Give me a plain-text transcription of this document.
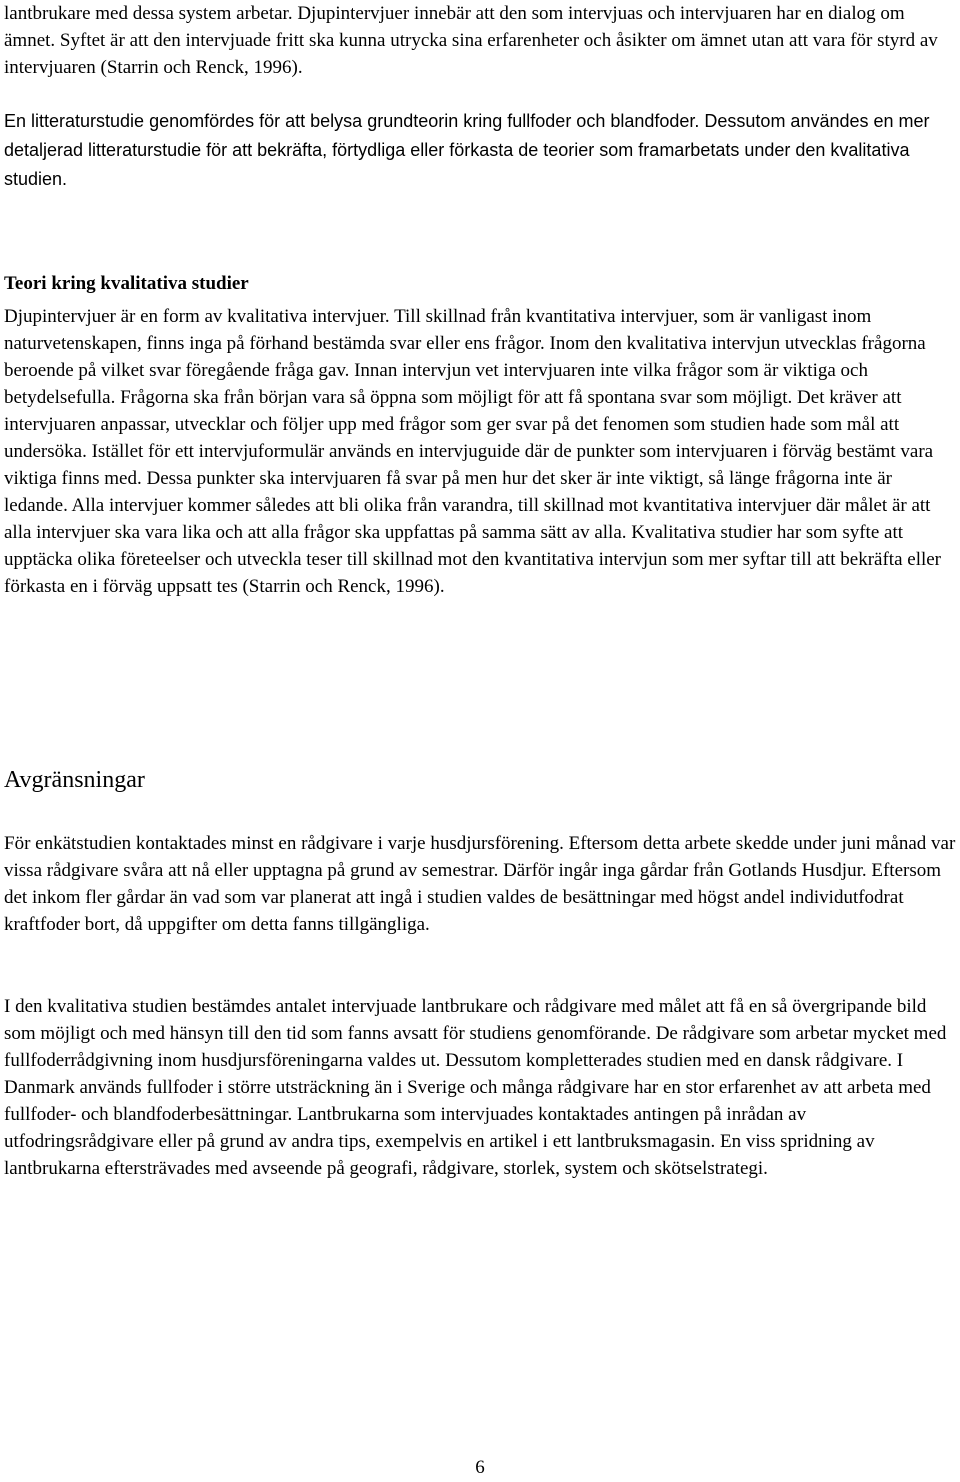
lantbrukare med dessa system arbetar. Djupintervjuer innebär att den som intervjuas och intervjuaren har en dialog om ämnet. Syftet är att den intervjuade fritt ska kunna utrycka sina erfarenheter och åsikter om ämnet utan att vara för styrd av intervjuaren (Starrin och Renck, 1996).

En litteraturstudie genomfördes för att belysa grundteorin kring fullfoder och blandfoder. Dessutom användes en mer detaljerad litteraturstudie för att bekräfta, förtydliga eller förkasta de teorier som framarbetats under den kvalitativa studien.

Teori kring kvalitativa studier

Djupintervjuer är en form av kvalitativa intervjuer. Till skillnad från kvantitativa intervjuer, som är vanligast inom naturvetenskapen, finns inga på förhand bestämda svar eller ens frågor. Inom den kvalitativa intervjun utvecklas frågorna beroende på vilket svar föregående fråga gav. Innan intervjun vet intervjuaren inte vilka frågor som är viktiga och betydelsefulla. Frågorna ska från början vara så öppna som möjligt för att få spontana svar som möjligt. Det kräver att intervjuaren anpassar, utvecklar och följer upp med frågor som ger svar på det fenomen som studien hade som mål att undersöka. Istället för ett intervjuformulär används en intervjuguide där de punkter som intervjuaren i förväg bestämt vara viktiga finns med. Dessa punkter ska intervjuaren få svar på men hur det sker är inte viktigt, så länge frågorna inte är ledande. Alla intervjuer kommer således att bli olika från varandra, till skillnad mot kvantitativa intervjuer där målet är att alla intervjuer ska vara lika och att alla frågor ska uppfattas på samma sätt av alla. Kvalitativa studier har som syfte att upptäcka olika företeelser och utveckla teser till skillnad mot den kvantitativa intervjun som mer syftar till att bekräfta eller förkasta en i förväg uppsatt tes (Starrin och Renck, 1996).

Avgränsningar

För enkätstudien kontaktades minst en rådgivare i varje husdjursförening. Eftersom detta arbete skedde under juni månad var vissa rådgivare svåra att nå eller upptagna på grund av semestrar. Därför ingår inga gårdar från Gotlands Husdjur. Eftersom det inkom fler gårdar än vad som var planerat att ingå i studien valdes de besättningar med högst andel individutfodrat kraftfoder bort, då uppgifter om detta fanns tillgängliga.

I den kvalitativa studien bestämdes antalet intervjuade lantbrukare och rådgivare med målet att få en så övergripande bild som möjligt och med hänsyn till den tid som fanns avsatt för studiens genomförande. De rådgivare som arbetar mycket med fullfoderrådgivning inom husdjursföreningarna valdes ut. Dessutom kompletterades studien med en dansk rådgivare. I Danmark används fullfoder i större utsträckning än i Sverige och många rådgivare har en stor erfarenhet av att arbeta med fullfoder- och blandfoderbesättningar. Lantbrukarna som intervjuades kontaktades antingen på inrådan av utfodringsrådgivare eller på grund av andra tips, exempelvis en artikel i ett lantbruksmagasin. En viss spridning av lantbrukarna eftersträvades med avseende på geografi, rådgivare, storlek, system och skötselstrategi.

6
